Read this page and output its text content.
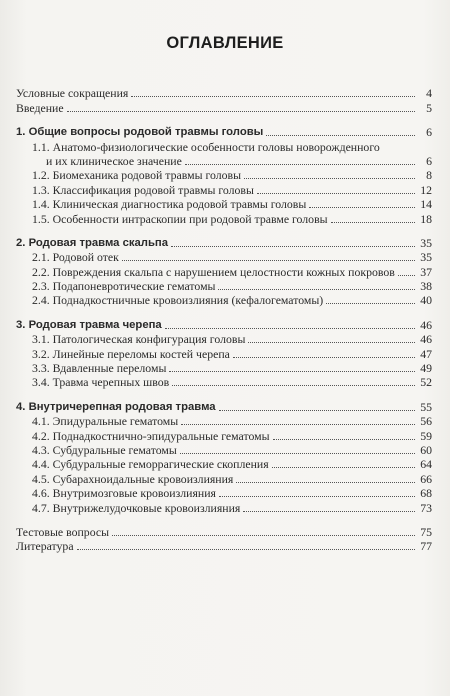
ОГЛАВЛЕНИЕ
Условные сокращения	4
Введение	5
1. Общие вопросы родовой травмы головы	6
1.1. Анатомо-физиологические особенности головы новорожденного
и их клиническое значение	6
1.2. Биомеханика родовой травмы головы	8
1.3. Классификация родовой травмы головы	12
1.4. Клиническая диагностика родовой травмы головы	14
1.5. Особенности интраскопии при родовой травме головы	18
2. Родовая травма скальпа	35
2.1. Родовой отек	35
2.2. Повреждения скальпа с нарушением целостности кожных покровов 37
2.3. Подапоневротические гематомы	38
2.4. Поднадкостничные кровоизлияния (кефалогематомы)	40
3. Родовая травма черепа	46
3.1. Патологическая конфигурация головы	46
3.2. Линейные переломы костей черепа	47
3.3. Вдавленные переломы	49
3.4. Травма черепных швов	52
4. Внутричерепная родовая травма	55
4.1. Эпидуральные гематомы	56
4.2. Поднадкостнично-эпидуральные гематомы	59
4.3. Субдуральные гематомы	60
4.4. Субдуральные геморрагические скопления	64
4.5. Субарахноидальные кровоизлияния	66
4.6. Внутримозговые кровоизлияния	68
4.7. Внутрижелудочковые кровоизлияния	73
Тестовые вопросы	75
Литература	77
